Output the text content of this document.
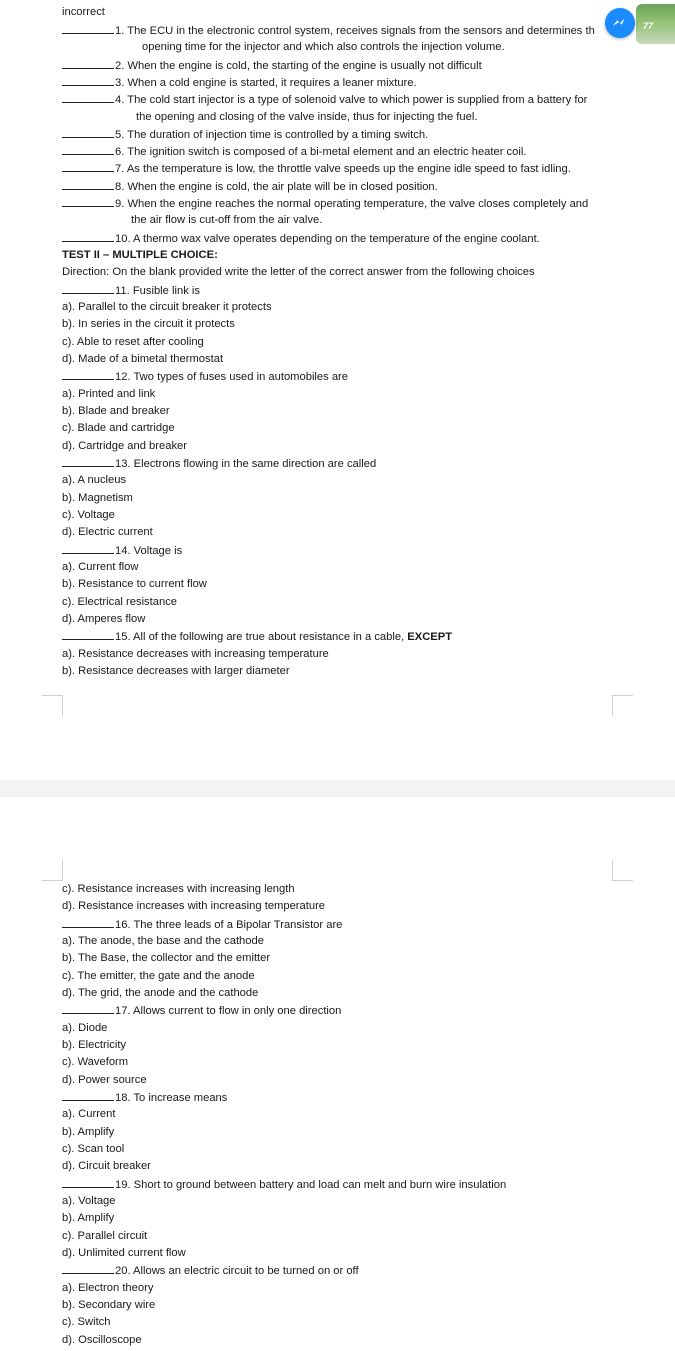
incorrect
1. The ECU in the electronic control system, receives signals from the sensors and determines th
opening time for the injector and which also controls the injection volume.
2. When the engine is cold, the starting of the engine is usually not difficult
3. When a cold engine is started, it requires a leaner mixture.
4. The cold start injector is a type of solenoid valve to which power is supplied from a battery for
the opening and closing of the valve inside, thus for injecting the fuel.
5. The duration of injection time is controlled by a timing switch.
6. The ignition switch is composed of a bi-metal element and an electric heater coil.
7. As the temperature is low, the throttle valve speeds up the engine idle speed to fast idling.
8. When the engine is cold, the air plate will be in closed position.
9. When the engine reaches the normal operating temperature, the valve closes completely and
the air flow is cut-off from the air valve.
10. A thermo wax valve operates depending on the temperature of the engine coolant.
TEST II – MULTIPLE CHOICE:
Direction: On the blank provided write the letter of the correct answer from the following choices
11. Fusible link is
a). Parallel to the circuit breaker it protects
b). In series in the circuit it protects
c). Able to reset after cooling
d). Made of a bimetal thermostat
12. Two types of fuses used in automobiles are
a). Printed and link
b). Blade and breaker
c). Blade and cartridge
d). Cartridge and breaker
13. Electrons flowing in the same direction are called
a). A nucleus
b). Magnetism
c). Voltage
d). Electric current
14. Voltage is
a). Current flow
b). Resistance to current flow
c). Electrical resistance
d). Amperes flow
15. All of the following are true about resistance in a cable, EXCEPT
a). Resistance decreases with increasing temperature
b). Resistance decreases with larger diameter
c). Resistance increases with increasing length
d). Resistance increases with increasing temperature
16. The three leads of a Bipolar Transistor are
a). The anode, the base and the cathode
b). The Base, the collector and the emitter
c). The emitter, the gate and the anode
d). The grid, the anode and the cathode
17. Allows current to flow in only one direction
a). Diode
b). Electricity
c). Waveform
d). Power source
18. To increase means
a). Current
b). Amplify
c). Scan tool
d). Circuit breaker
19. Short to ground between battery and load can melt and burn wire insulation
a). Voltage
b). Amplify
c). Parallel circuit
d). Unlimited current flow
20. Allows an electric circuit to be turned on or off
a). Electron theory
b). Secondary wire
c). Switch
d). Oscilloscope
77
